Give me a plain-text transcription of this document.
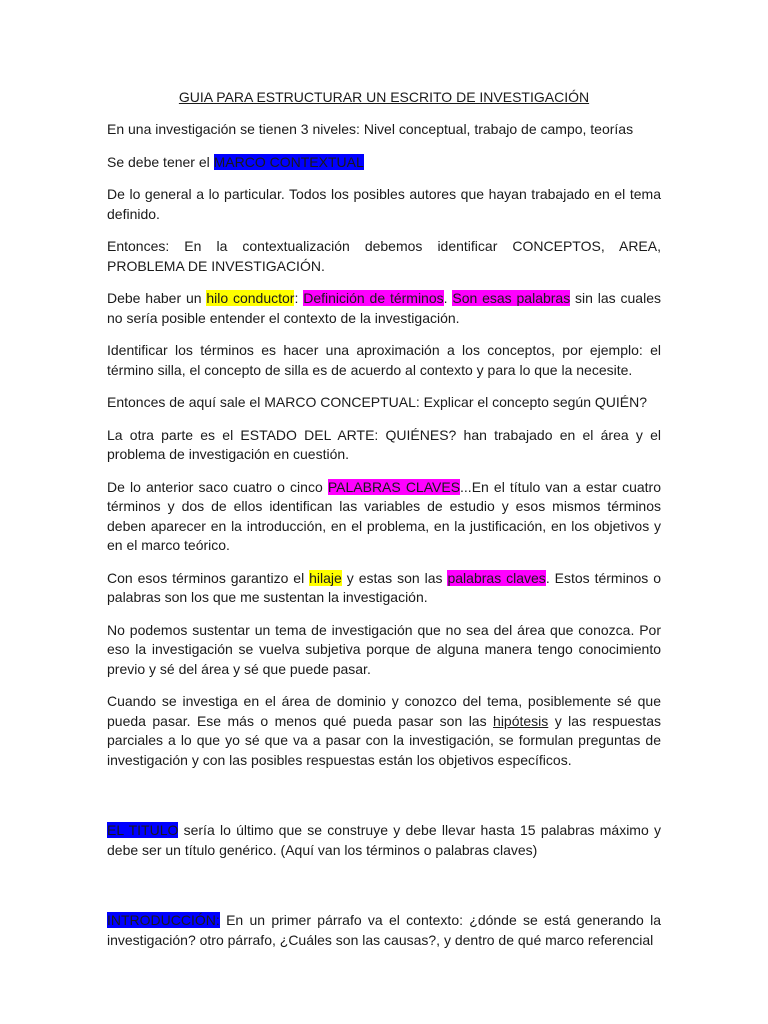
GUIA PARA ESTRUCTURAR UN ESCRITO DE INVESTIGACIÓN

En una investigación se tienen 3 niveles: Nivel conceptual, trabajo de campo, teorías

Se debe tener el MARCO CONTEXTUAL

De lo general a lo particular. Todos los posibles autores que hayan trabajado en el tema definido.

Entonces: En la contextualización debemos identificar CONCEPTOS, AREA, PROBLEMA DE INVESTIGACIÓN.

Debe haber un hilo conductor: Definición de términos. Son esas palabras sin las cuales no sería posible entender el contexto de la investigación.

Identificar los términos es hacer una aproximación a los conceptos, por ejemplo: el término silla, el concepto de silla es de acuerdo al contexto y para lo que la necesite.

Entonces de aquí sale el MARCO CONCEPTUAL: Explicar el concepto según QUIÉN?

La otra parte es el ESTADO DEL ARTE: QUIÉNES? han trabajado en el área y el problema de investigación en cuestión.

De lo anterior saco cuatro o cinco PALABRAS CLAVES...En el título van a estar cuatro términos y dos de ellos identifican las variables de estudio y esos mismos términos deben aparecer en la introducción, en el problema, en la justificación, en los objetivos y en el marco teórico.

Con esos términos garantizo el hilaje y estas son las palabras claves. Estos términos o palabras son los que me sustentan la investigación.

No podemos sustentar un tema de investigación que no sea del área que conozca. Por eso la investigación se vuelva subjetiva porque de alguna manera tengo conocimiento previo y sé del área y sé que puede pasar.

Cuando se investiga en el área de dominio y conozco del tema, posiblemente sé que pueda pasar. Ese más o menos qué pueda pasar son las hipótesis y las respuestas parciales a lo que yo sé que va a pasar con la investigación, se formulan preguntas de investigación y con las posibles respuestas están los objetivos específicos.

EL TITULO sería lo último que se construye y debe llevar hasta 15 palabras máximo y debe ser un título genérico. (Aquí van los términos o palabras claves)

INTRODUCCIÓN: En un primer párrafo va el contexto: ¿dónde se está generando la investigación? otro párrafo, ¿Cuáles son las causas?, y dentro de qué marco referencial
